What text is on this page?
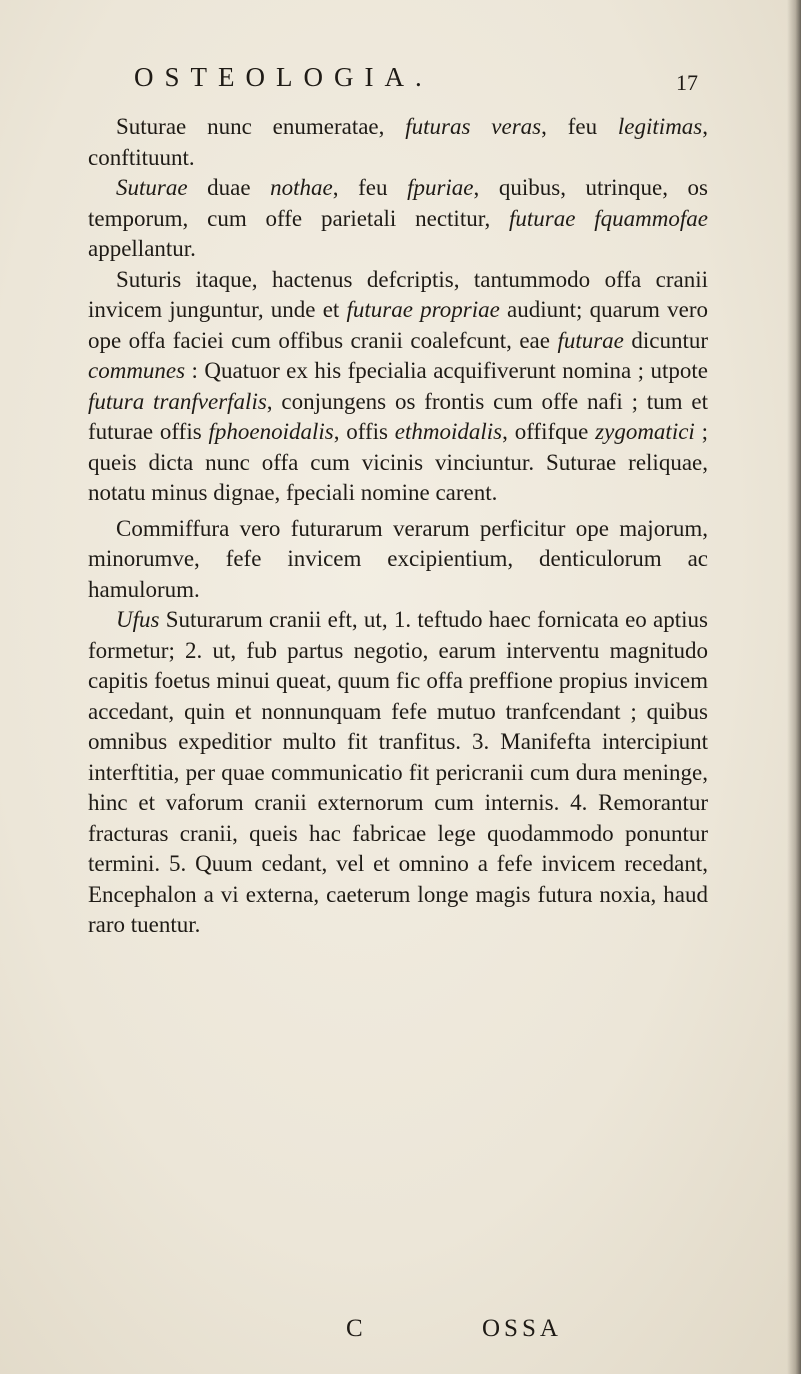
OSTEOLOGIA.	17

Suturae nunc enumeratae, futuras veras, feu legitimas, conftituunt.

Suturae duae nothae, feu fpuriae, quibus, utrinque, os temporum, cum offe parietali nectitur, futurae fquammofae appellantur.

Suturis itaque, hactenus defcriptis, tantummodo offa cranii invicem junguntur, unde et futurae propriae audiunt; quarum vero ope offa faciei cum offibus cranii coalefcunt, eae futurae dicuntur communes : Quatuor ex his fpecialia acquifiverunt nomina ; utpote futura tranfverfalis, conjungens os frontis cum offe nafi ; tum et futurae offis fphoenoidalis, offis ethmoidalis, offifque zygomatici ; queis dicta nunc offa cum vicinis vinciuntur. Suturae reliquae, notatu minus dignae, fpeciali nomine carent.

Commiffura vero futurarum verarum perficitur ope majorum, minorumve, fefe invicem excipientium, denticulorum ac hamulorum.

Ufus Suturarum cranii eft, ut, 1. teftudo haec fornicata eo aptius formetur; 2. ut, fub partus negotio, earum interventu magnitudo capitis foetus minui queat, quum fic offa preffione propius invicem accedant, quin et nonnunquam fefe mutuo tranfcendant ; quibus omnibus expeditior multo fit tranfitus. 3. Manifefta intercipiunt interftitia, per quae communicatio fit pericranii cum dura meninge, hinc et vaforum cranii externorum cum internis. 4. Remorantur fracturas cranii, queis hac fabricae lege quodammodo ponuntur termini. 5. Quum cedant, vel et omnino a fefe invicem recedant, Encephalon a vi externa, caeterum longe magis futura noxia, haud raro tuentur.

C	OSSA
